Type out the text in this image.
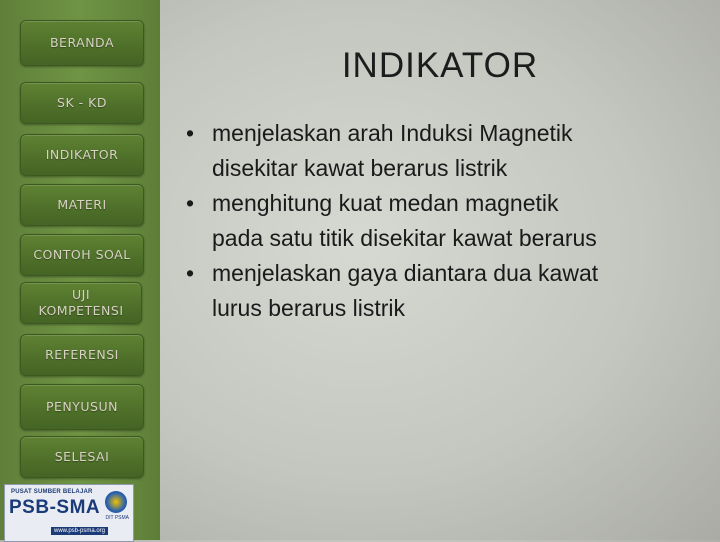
BERANDA
SK - KD
INDIKATOR
MATERI
CONTOH SOAL
UJI KOMPETENSI
REFERENSI
PENYUSUN
SELESAI
PUSAT SUMBER BELAJAR
PSB-SMA
www.psb-psma.org
DIT PSMA
INDIKATOR
• menjelaskan arah Induksi Magnetik
disekitar kawat berarus listrik
• menghitung kuat medan magnetik
pada satu titik disekitar kawat berarus
• menjelaskan gaya diantara dua kawat
lurus berarus listrik
